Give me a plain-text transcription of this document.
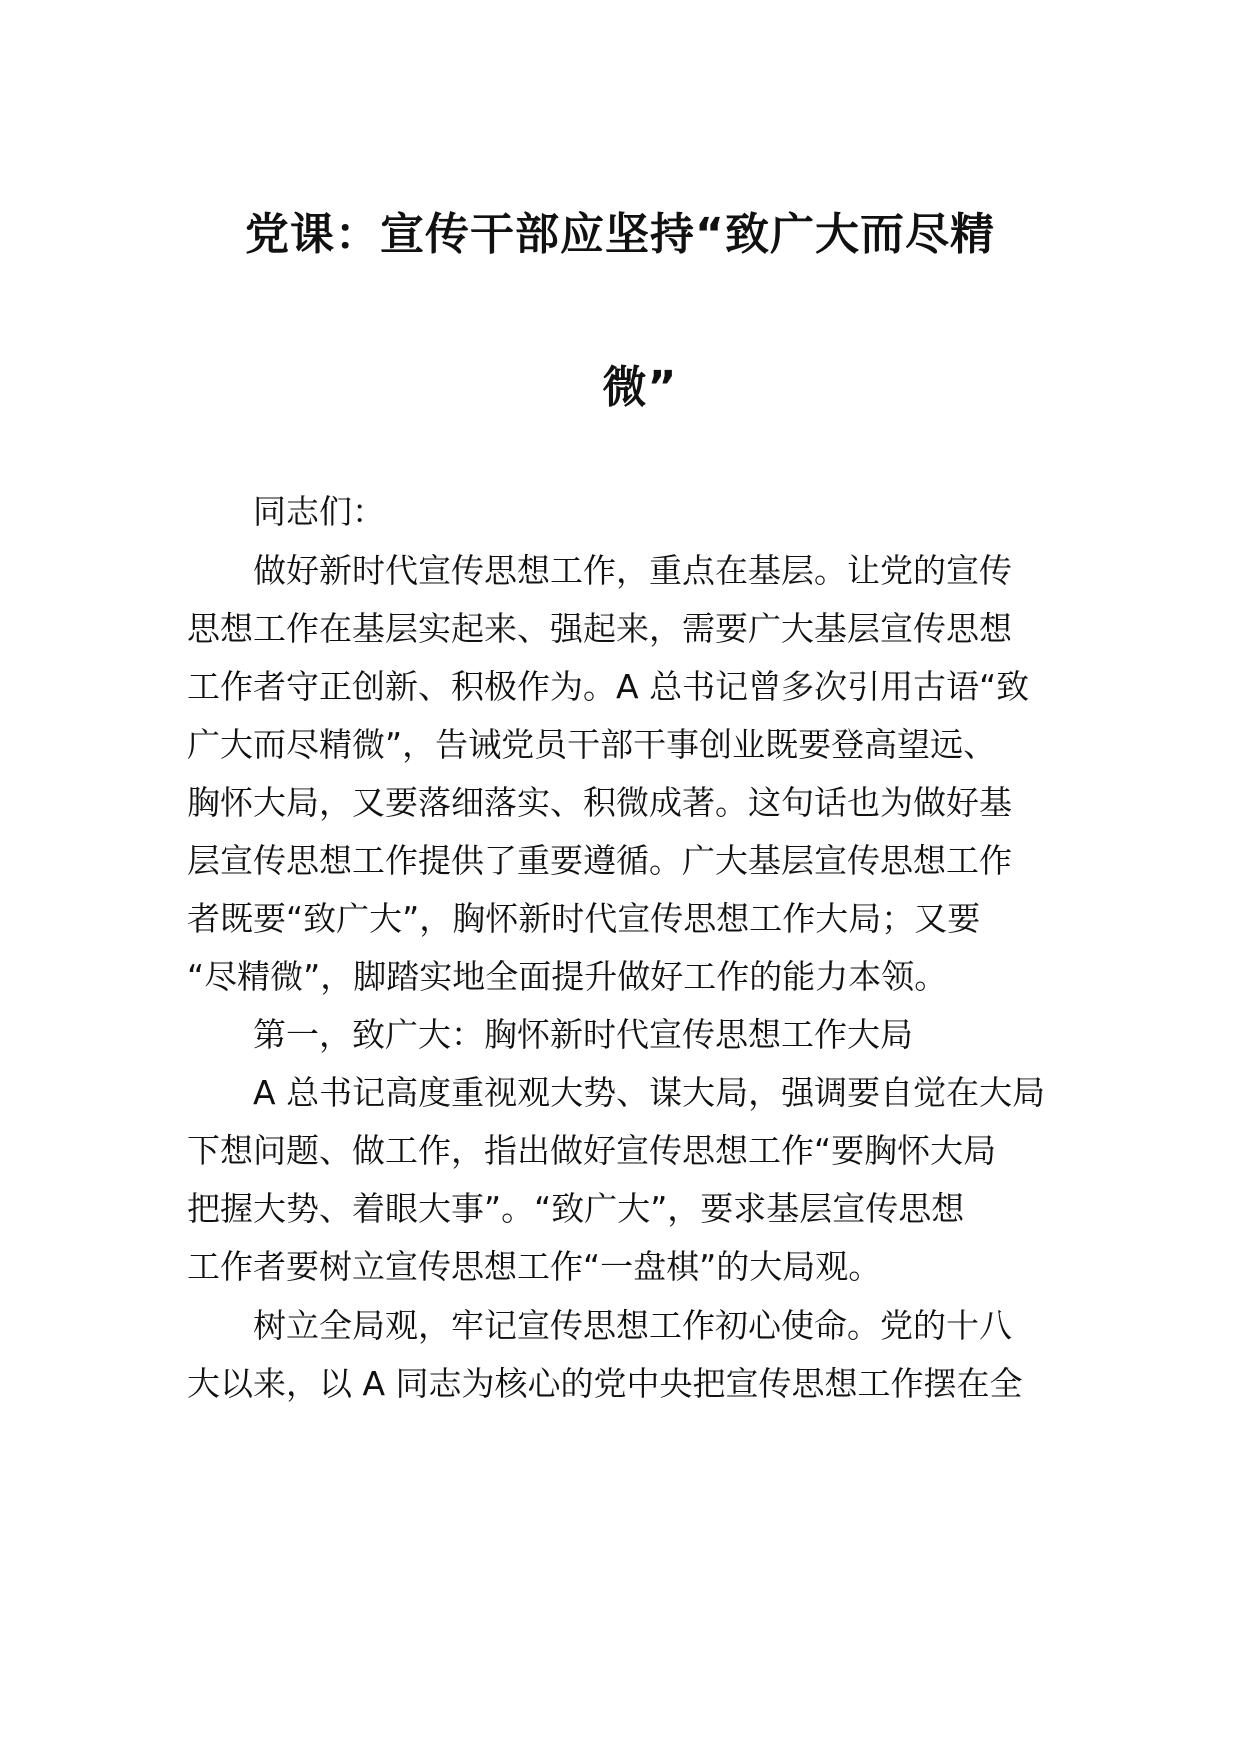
党课：宣传干部应坚持“致广大而尽精
微”
同志们：
做好新时代宣传思想工作，重点在基层。让党的宣传
思想工作在基层实起来、强起来，需要广大基层宣传思想
工作者守正创新、积极作为。A 总书记曾多次引用古语“致
广大而尽精微”，告诫党员干部干事创业既要登高望远、
胸怀大局，又要落细落实、积微成著。这句话也为做好基
层宣传思想工作提供了重要遵循。广大基层宣传思想工作
者既要“致广大”，胸怀新时代宣传思想工作大局；又要
“尽精微”，脚踏实地全面提升做好工作的能力本领。
第一，致广大：胸怀新时代宣传思想工作大局
A 总书记高度重视观大势、谋大局，强调要自觉在大局
下想问题、做工作，指出做好宣传思想工作“要胸怀大局
把握大势、着眼大事”。“致广大”，要求基层宣传思想
工作者要树立宣传思想工作“一盘棋”的大局观。
树立全局观，牢记宣传思想工作初心使命。党的十八
大以来，以 A 同志为核心的党中央把宣传思想工作摆在全
